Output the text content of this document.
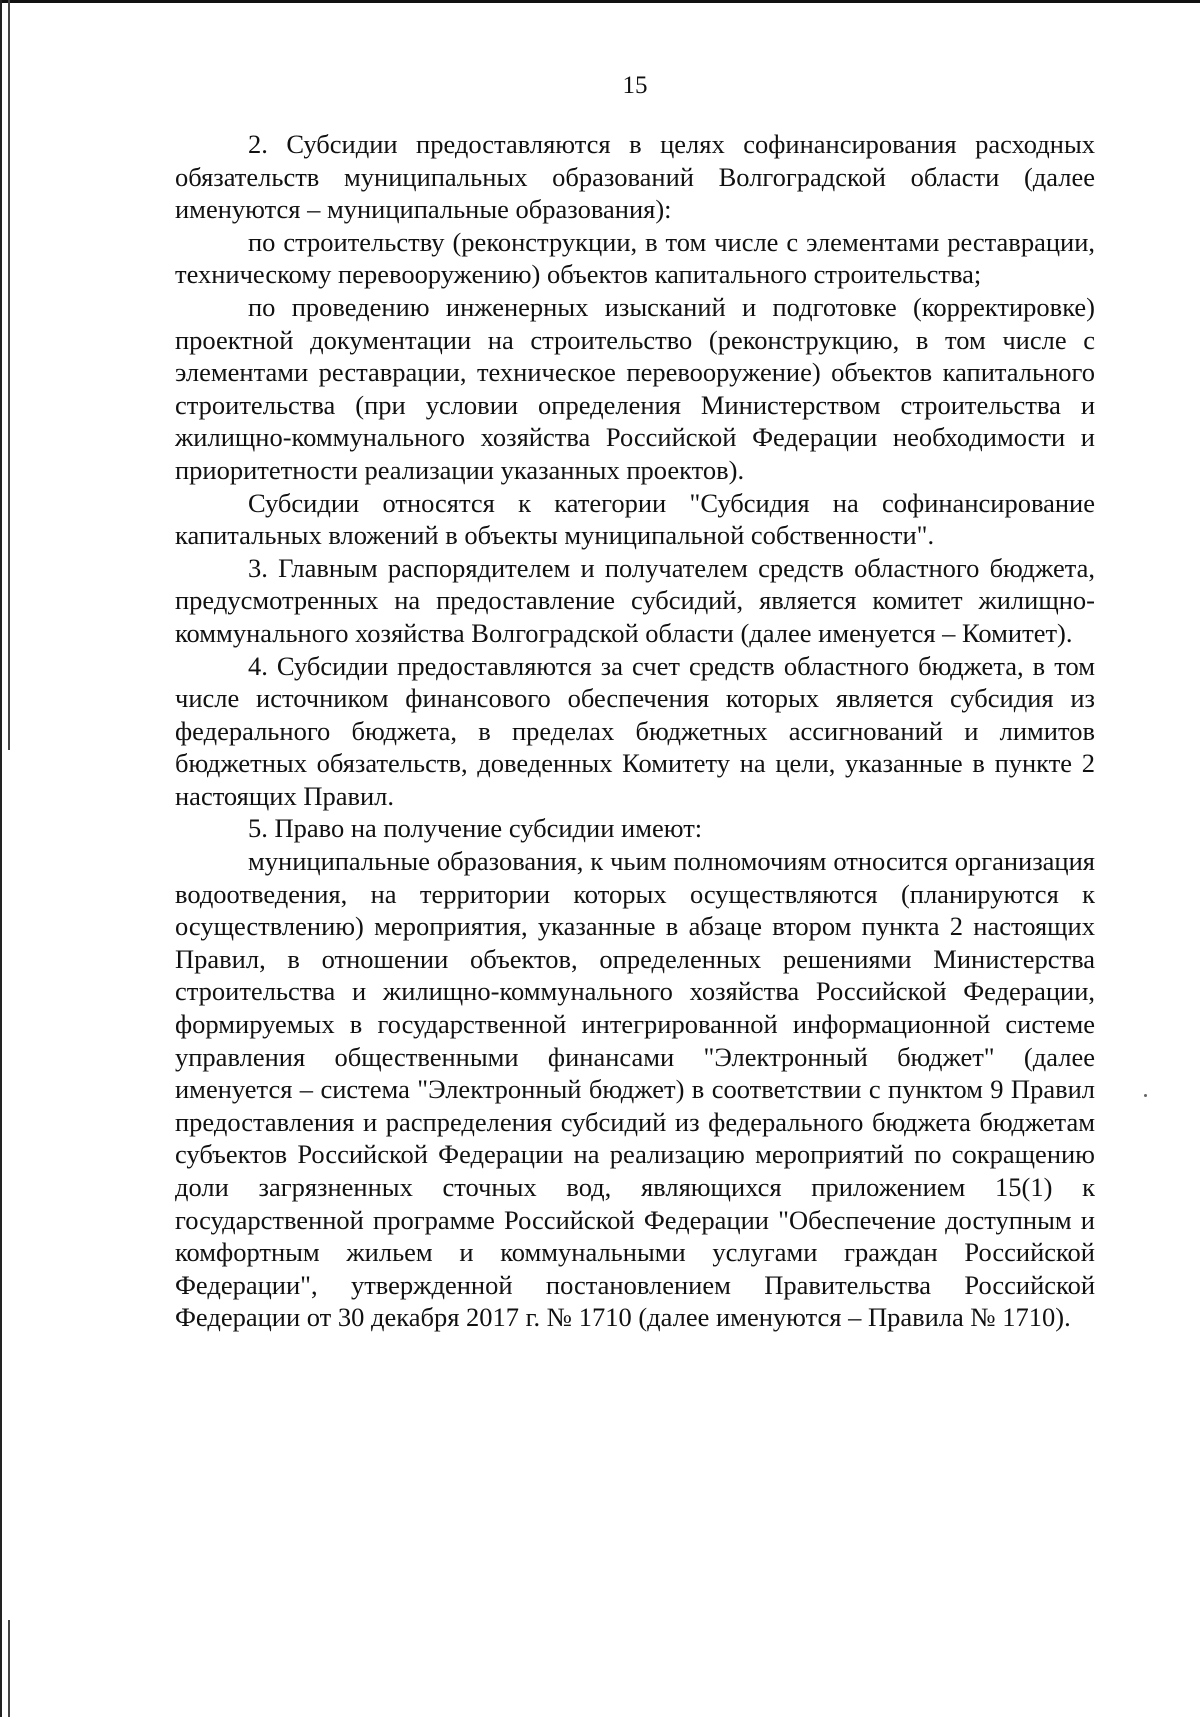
15

2. Субсидии предоставляются в целях софинансирования расходных обязательств муниципальных образований Волгоградской области (далее именуются – муниципальные образования):

по строительству (реконструкции, в том числе с элементами реставрации, техническому перевооружению) объектов капитального строительства;

по проведению инженерных изысканий и подготовке (корректировке) проектной документации на строительство (реконструкцию, в том числе с элементами реставрации, техническое перевооружение) объектов капитального строительства (при условии определения Министерством строительства и жилищно-коммунального хозяйства Российской Федерации необходимости и приоритетности реализации указанных проектов).

Субсидии относятся к категории "Субсидия на софинансирование капитальных вложений в объекты муниципальной собственности".

3. Главным распорядителем и получателем средств областного бюджета, предусмотренных на предоставление субсидий, является комитет жилищно-коммунального хозяйства Волгоградской области (далее именуется – Комитет).

4. Субсидии предоставляются за счет средств областного бюджета, в том числе источником финансового обеспечения которых является субсидия из федерального бюджета, в пределах бюджетных ассигнований и лимитов бюджетных обязательств, доведенных Комитету на цели, указанные в пункте 2 настоящих Правил.

5. Право на получение субсидии имеют:

муниципальные образования, к чьим полномочиям относится организация водоотведения, на территории которых осуществляются (планируются к осуществлению) мероприятия, указанные в абзаце втором пункта 2 настоящих Правил, в отношении объектов, определенных решениями Министерства строительства и жилищно-коммунального хозяйства Российской Федерации, формируемых в государственной интегрированной информационной системе управления общественными финансами "Электронный бюджет" (далее именуется – система "Электронный бюджет) в соответствии с пунктом 9 Правил предоставления и распределения субсидий из федерального бюджета бюджетам субъектов Российской Федерации на реализацию мероприятий по сокращению доли загрязненных сточных вод, являющихся приложением 15(1) к государственной программе Российской Федерации "Обеспечение доступным и комфортным жильем и коммунальными услугами граждан Российской Федерации", утвержденной постановлением Правительства Российской Федерации от 30 декабря 2017 г. № 1710 (далее именуются – Правила № 1710).
